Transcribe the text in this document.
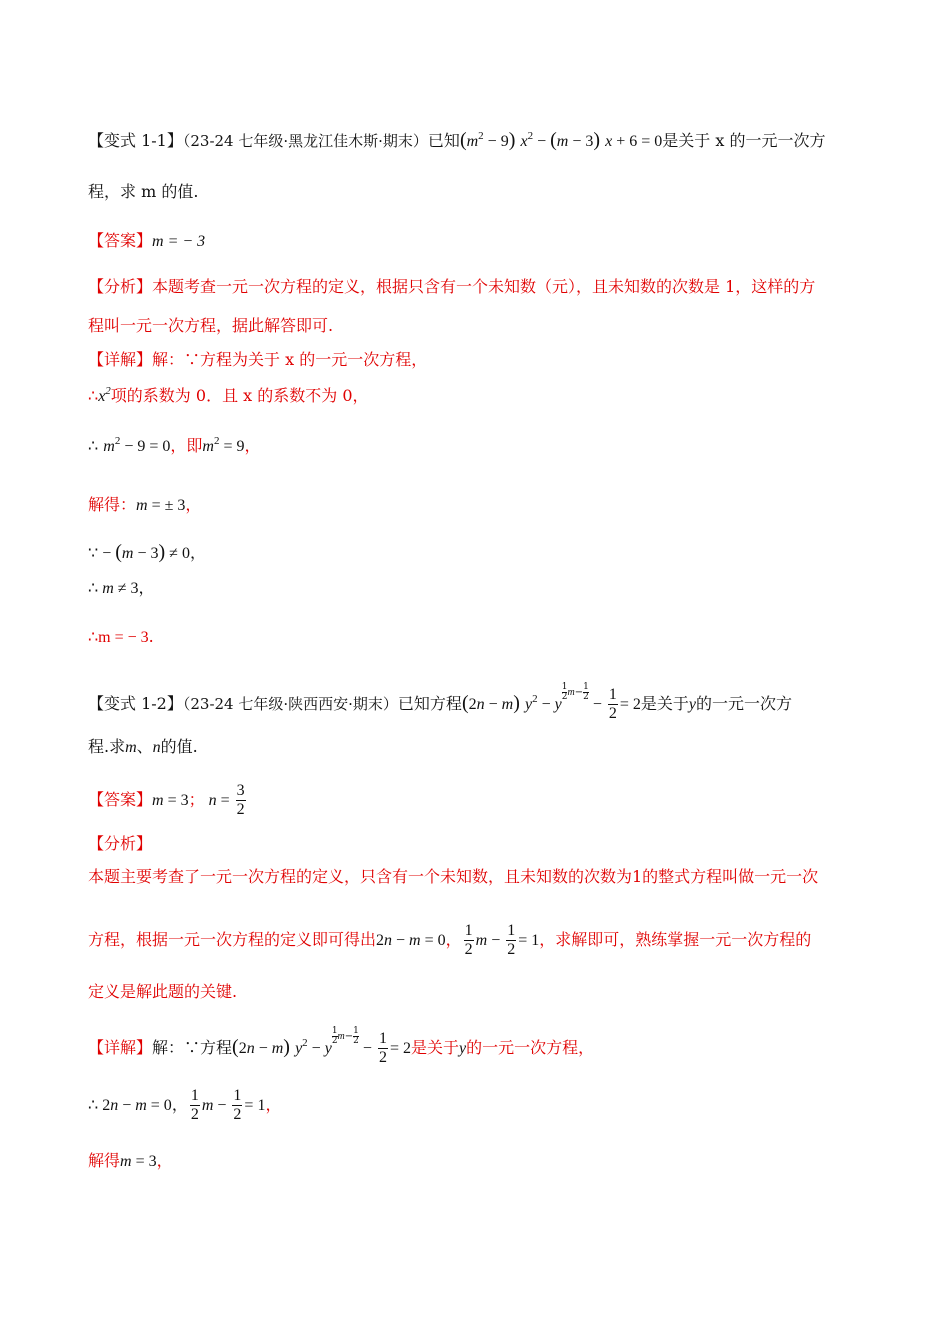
【变式 1-1】（23-24 七年级·黑龙江佳木斯·期末）已知$(m^2 - 9) x^2 - (m - 3) x + 6 = 0$是关于 x 的一元一次方
程，求 m 的值.
【答案】m = − 3
【分析】本题考查一元一次方程的定义，根据只含有一个未知数（元），且未知数的次数是 1，这样的方
程叫一元一次方程，据此解答即可.
【详解】解：∵方程为关于 x 的一元一次方程，
$\therefore x^2$项的系数为 0．且 x 的系数不为 0，
∴ $m^2 - 9 = 0$，即$m^2 = 9$，
解得：m = ± 3，
∵ − (m − 3) ≠ 0，
∴ m ≠ 3，
∴m = − 3.
【变式 1-2】（23-24 七年级·陕西西安·期末）已知方程(2n − m) $y^2 - y$
$\frac{1}{2} m- \frac{1}{2}$
− $\frac{1}{2} = 2$是关于y的一元一次方
程.求m、n的值.
【答案】m = 3； $n = \frac{3}{2}$
【分析】
本题主要考查了一元一次方程的定义，只含有一个未知数，且未知数的次数为1的整式方程叫做一元一次
方程，根据一元一次方程的定义即可得出2n − m = 0， $\frac{1}{2}$ $m - \frac{1}{2} = 1$，求解即可，熟练掌握一元一次方程的
定义是解此题的关键.
【详解】解：∵方程(2n − m) $y^2 - y$
$\frac{1}{2} m- \frac{1}{2}$
− $\frac{1}{2} = 2$是关于y的一元一次方程，
∴ 2n − m = 0， $\frac{1}{2}$ $m - \frac{1}{2} = 1$，
解得m = 3，
